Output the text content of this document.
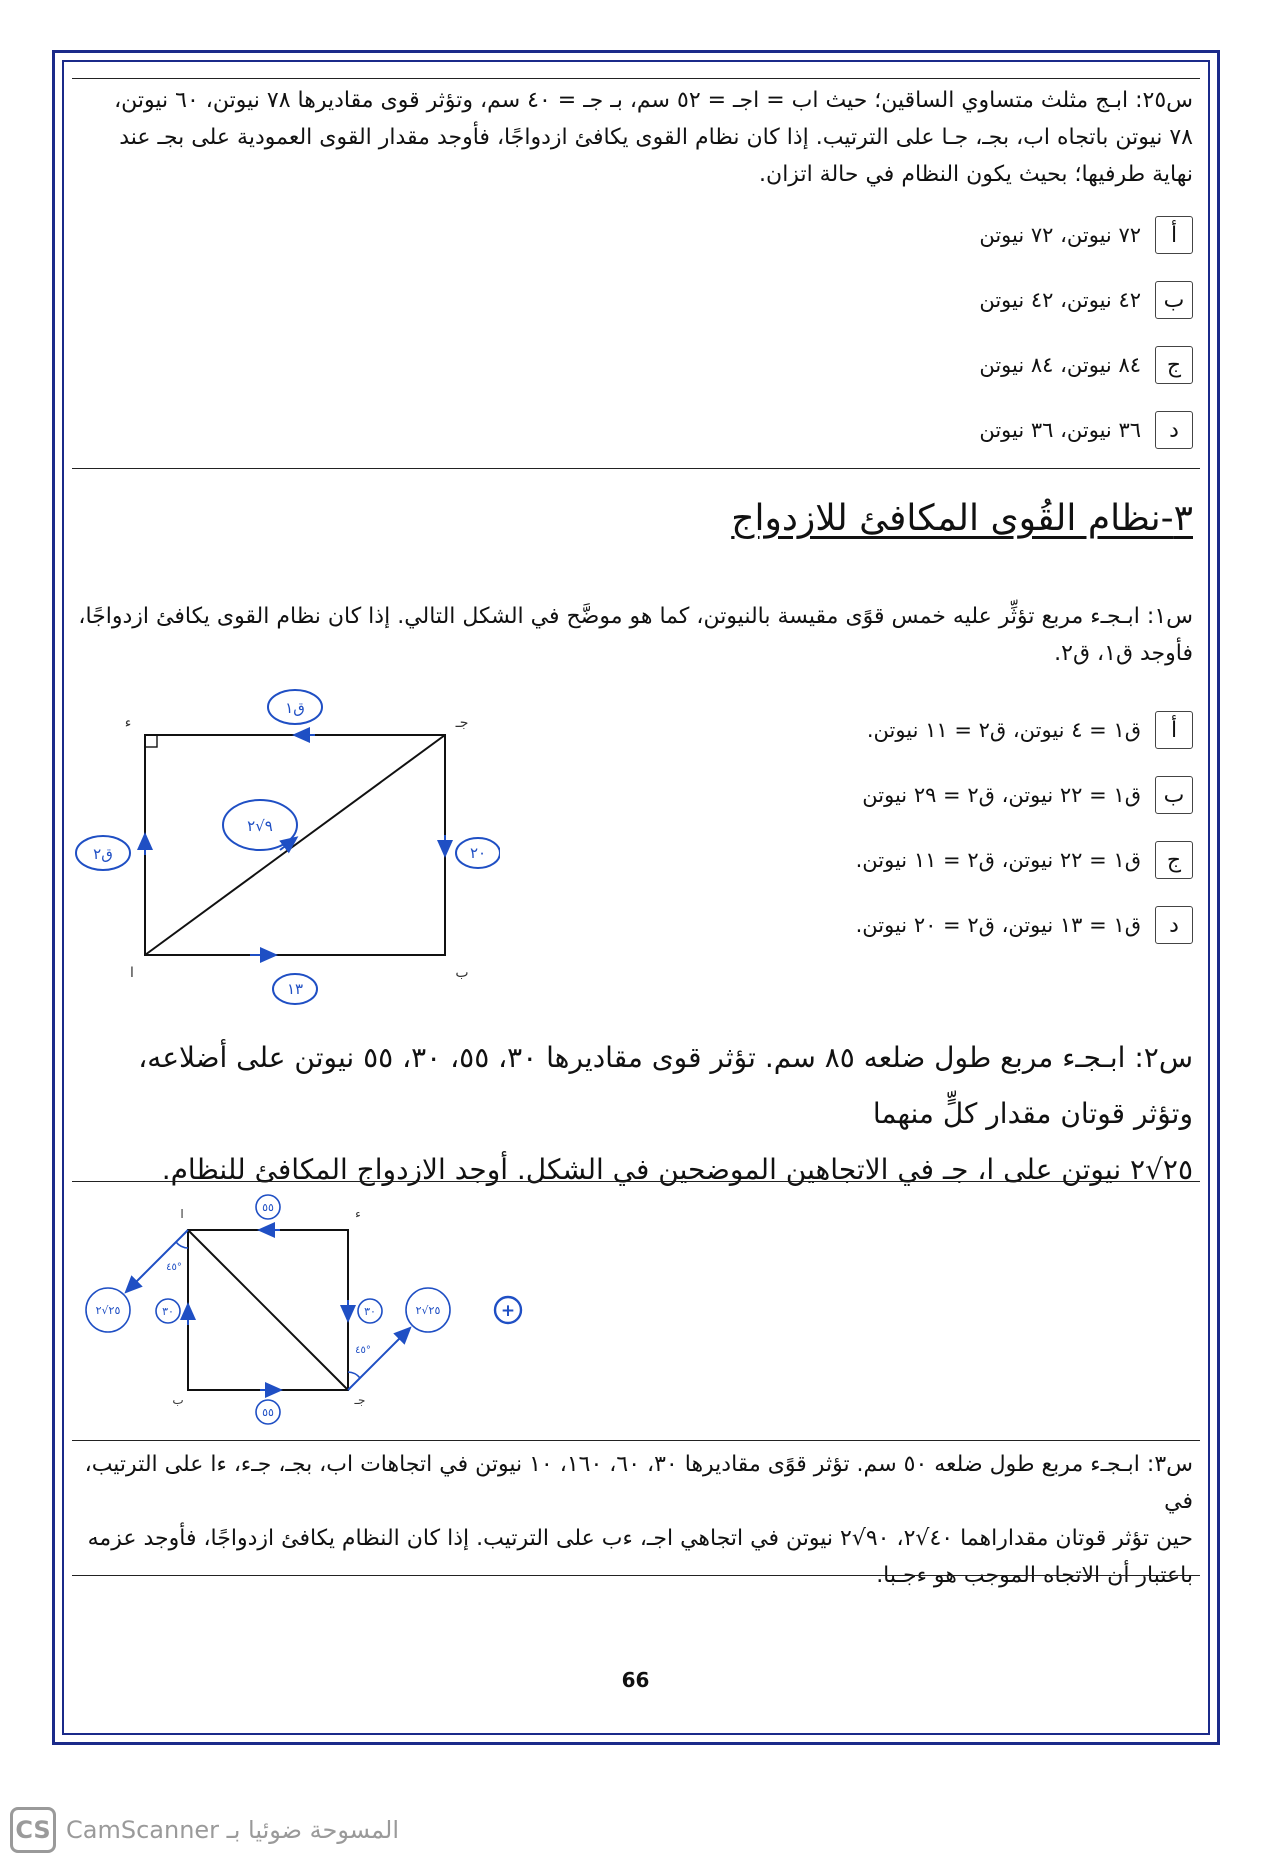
س٢٥: ابـج مثلث متساوي الساقين؛ حيث اب = اجـ = ٥٢ سم، بـ جـ = ٤٠ سم، وتؤثر قوى مقاديرها ٧٨ نيوتن، ٦٠ نيوتن،
٧٨ نيوتن باتجاه اب، بجـ، جـا على الترتيب. إذا كان نظام القوى يكافئ ازدواجًا، فأوجد مقدار القوى العمودية على بجـ عند
نهاية طرفيها؛ بحيث يكون النظام في حالة اتزان.
أ
٧٢ نيوتن، ٧٢ نيوتن
ب
٤٢ نيوتن، ٤٢ نيوتن
ج
٨٤ نيوتن، ٨٤ نيوتن
د
٣٦ نيوتن، ٣٦ نيوتن
٣-نظام القُوى المكافئ للازدواج
س١: ابـجـء مربع تؤثِّر عليه خمس قوًى مقيسة بالنيوتن، كما هو موضَّح في الشكل التالي. إذا كان نظام القوى يكافئ ازدواجًا،
فأوجد ق١، ق٢.
أ
ق١ = ٤ نيوتن، ق٢ = ١١ نيوتن.
ب
ق١ = ٢٢ نيوتن، ق٢ = ٢٩ نيوتن
ج
ق١ = ٢٢ نيوتن، ق٢ = ١١ نيوتن.
د
ق١ = ١٣ نيوتن، ق٢ = ٢٠ نيوتن.
ق١
ق٢	٢٠
١٣
٩√٢
ء	جـ
ا	ب
س٢: ابـجـء مربع طول ضلعه ٨٥ سم. تؤثر قوى مقاديرها ٣٠، ٥٥، ٣٠، ٥٥ نيوتن على أضلاعه، وتؤثر قوتان مقدار كلٍّ منهما
٢٥√٢ نيوتن على ا، جـ في الاتجاهين الموضحين في الشكل. أوجد الازدواج المكافئ للنظام.
٥٥
٥٥
٣٠	٣٠
٢٥√٢	٢٥√٢
٤٥°
٤٥°
+
ا	ء
ب	جـ
س٣: ابـجـء مربع طول ضلعه ٥٠ سم. تؤثر قوًى مقاديرها ٣٠، ٦٠، ١٦٠، ١٠ نيوتن في اتجاهات اب، بجـ، جـء، ءا على الترتيب، في
حين تؤثر قوتان مقداراهما ٤٠√٢، ٩٠√٢ نيوتن في اتجاهي اجـ، ءب على الترتيب. إذا كان النظام يكافئ ازدواجًا، فأوجد عزمه
باعتبار أن الاتجاه الموجب هو ءجـبا.
66
CS CamScanner المسوحة ضوئيا بـ
